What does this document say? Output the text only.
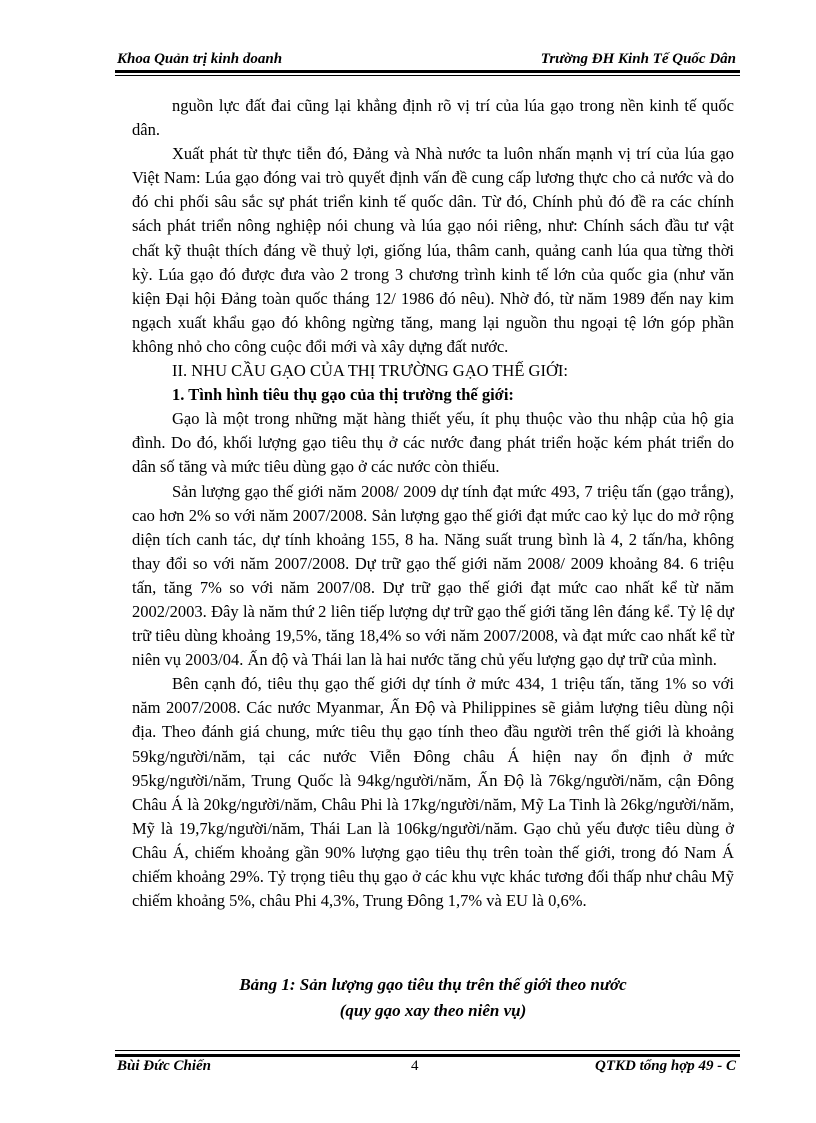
Khoa Quản trị kinh doanh	Trường ĐH Kinh Tế Quốc Dân

nguồn lực đất đai cũng lại khẳng định rõ vị trí của lúa gạo trong nền kinh tế quốc dân.

Xuất phát từ thực tiễn đó, Đảng và Nhà nước ta luôn nhấn mạnh vị trí của lúa gạo Việt Nam: Lúa gạo đóng vai trò quyết định vấn đề cung cấp lương thực cho cả nước và do đó chi phối sâu sắc sự phát triển kinh tế quốc dân. Từ đó, Chính phủ đó đề ra các chính sách phát triển nông nghiệp nói chung và lúa gạo nói riêng, như: Chính sách đầu tư vật chất kỹ thuật thích đáng về thuỷ lợi, giống lúa, thâm canh, quảng canh lúa qua từng thời kỳ. Lúa gạo đó được đưa vào 2 trong 3 chương trình kinh tế lớn của quốc gia (như văn kiện Đại hội Đảng toàn quốc tháng 12/ 1986 đó nêu). Nhờ đó, từ năm 1989 đến nay kim ngạch xuất khẩu gạo đó không ngừng tăng, mang lại nguồn thu ngoại tệ lớn góp phần không nhỏ cho công cuộc đổi mới và xây dựng đất nước.

II. NHU CẦU GẠO CỦA THỊ TRƯỜNG GẠO THẾ GIỚI:

1. Tình hình tiêu thụ gạo của thị trường thế giới:

Gạo là một trong những mặt hàng thiết yếu, ít phụ thuộc vào thu nhập của hộ gia đình. Do đó, khối lượng gạo tiêu thụ ở các nước đang phát triển hoặc kém phát triển do dân số tăng và mức tiêu dùng gạo ở các nước còn thiếu.

Sản lượng gạo thế giới năm 2008/ 2009 dự tính đạt mức 493, 7 triệu tấn (gạo trắng), cao hơn 2% so với năm 2007/2008. Sản lượng gạo thế giới đạt mức cao kỷ lục do mở rộng diện tích canh tác, dự tính khoảng 155, 8 ha. Năng suất trung bình là 4, 2 tấn/ha, không thay đổi so với năm 2007/2008. Dự trữ gạo thế giới năm 2008/ 2009 khoảng 84. 6 triệu tấn, tăng 7% so với năm 2007/08. Dự trữ gạo thế giới đạt mức cao nhất kể từ năm 2002/2003. Đây là năm thứ 2 liên tiếp lượng dự trữ gạo thế giới tăng lên đáng kể. Tỷ lệ dự trữ tiêu dùng khoảng 19,5%, tăng 18,4% so với năm 2007/2008, và đạt mức cao nhất kể từ niên vụ 2003/04. Ấn độ và Thái lan là hai nước tăng chủ yếu lượng gạo dự trữ của mình.

Bên cạnh đó, tiêu thụ gạo thế giới dự tính ở mức 434, 1 triệu tấn, tăng 1% so với năm 2007/2008. Các nước Myanmar, Ấn Độ và Philippines sẽ giảm lượng tiêu dùng nội địa. Theo đánh giá chung, mức tiêu thụ gạo tính theo đầu người trên thế giới là khoảng 59kg/người/năm, tại các nước Viễn Đông châu Á hiện nay ổn định ở mức 95kg/người/năm, Trung Quốc là 94kg/người/năm, Ấn Độ là 76kg/người/năm, cận Đông Châu Á là 20kg/người/năm, Châu Phi là 17kg/người/năm, Mỹ La Tinh là 26kg/người/năm, Mỹ là 19,7kg/người/năm, Thái Lan là 106kg/người/năm. Gạo chủ yếu được tiêu dùng ở Châu Á, chiếm khoảng gần 90% lượng gạo tiêu thụ trên toàn thế giới, trong đó Nam Á chiếm khoảng 29%. Tỷ trọng tiêu thụ gạo ở các khu vực khác tương đối thấp như châu Mỹ chiếm khoảng 5%, châu Phi 4,3%, Trung Đông 1,7% và EU là 0,6%.

Bảng 1: Sản lượng gạo tiêu thụ trên thế giới theo nước
(quy gạo xay theo niên vụ)
Bùi Đức Chiến	4	QTKD tổng hợp 49 - C
